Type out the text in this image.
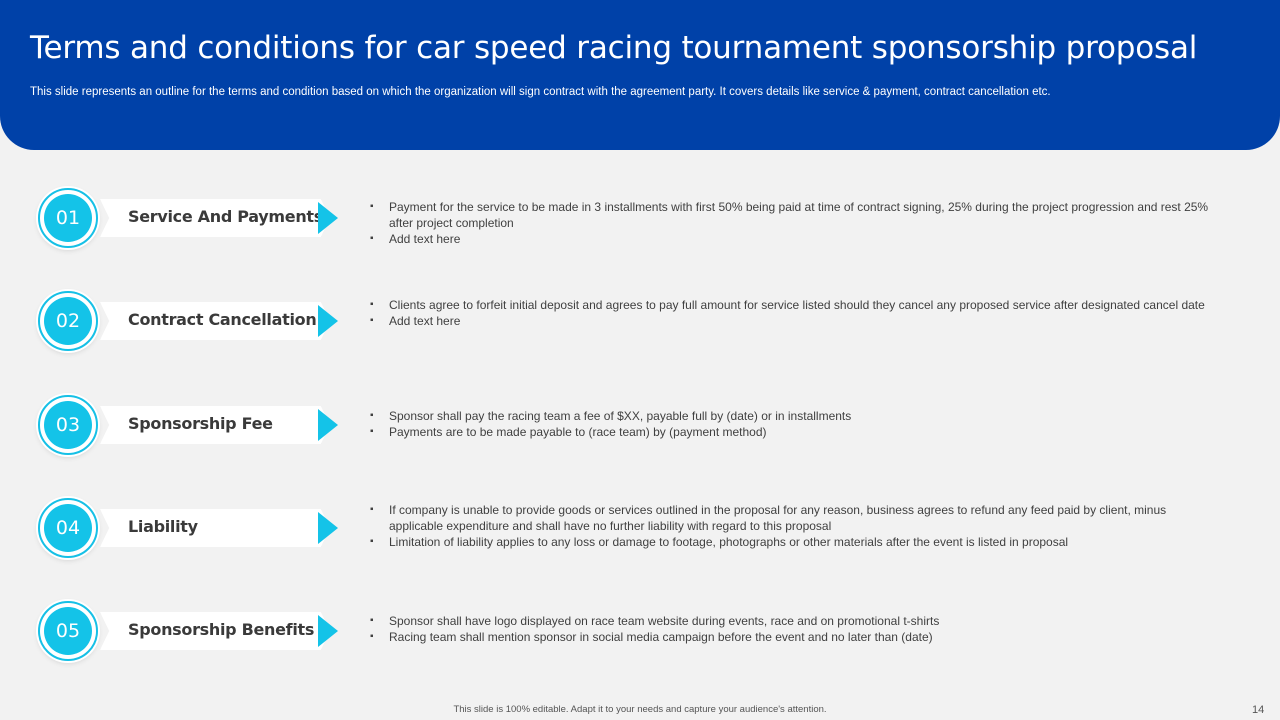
Terms and conditions for car speed racing tournament sponsorship proposal

This slide represents an outline for the terms and condition based on which the organization will sign contract with the agreement party. It covers details like service & payment, contract cancellation etc.

01	Service And Payments	▪ Payment for the service to be made in 3 installments with first 50% being paid at time of contract signing, 25% during the project progression and rest 25% after project completion
▪ Add text here
02	Contract Cancellation
▪ Clients agree to forfeit initial deposit and agrees to pay full amount for service listed should they cancel any proposed service after designated cancel date
▪ Add text here
03	Sponsorship Fee	▪ Sponsor shall pay the racing team a fee of $XX, payable full by (date) or in installments
▪ Payments are to be made payable to (race team) by (payment method)
04	Liability
▪ If company is unable to provide goods or services outlined in the proposal for any reason, business agrees to refund any feed paid by client, minus applicable expenditure and shall have no further liability with regard to this proposal
▪ Limitation of liability applies to any loss or damage to footage, photographs or other materials after the event is listed in proposal
05	Sponsorship Benefits	▪ Sponsor shall have logo displayed on race team website during events, race and on promotional t-shirts
▪ Racing team shall mention sponsor in social media campaign before the event and no later than (date)
This slide is 100% editable. Adapt it to your needs and capture your audience's attention.	14
